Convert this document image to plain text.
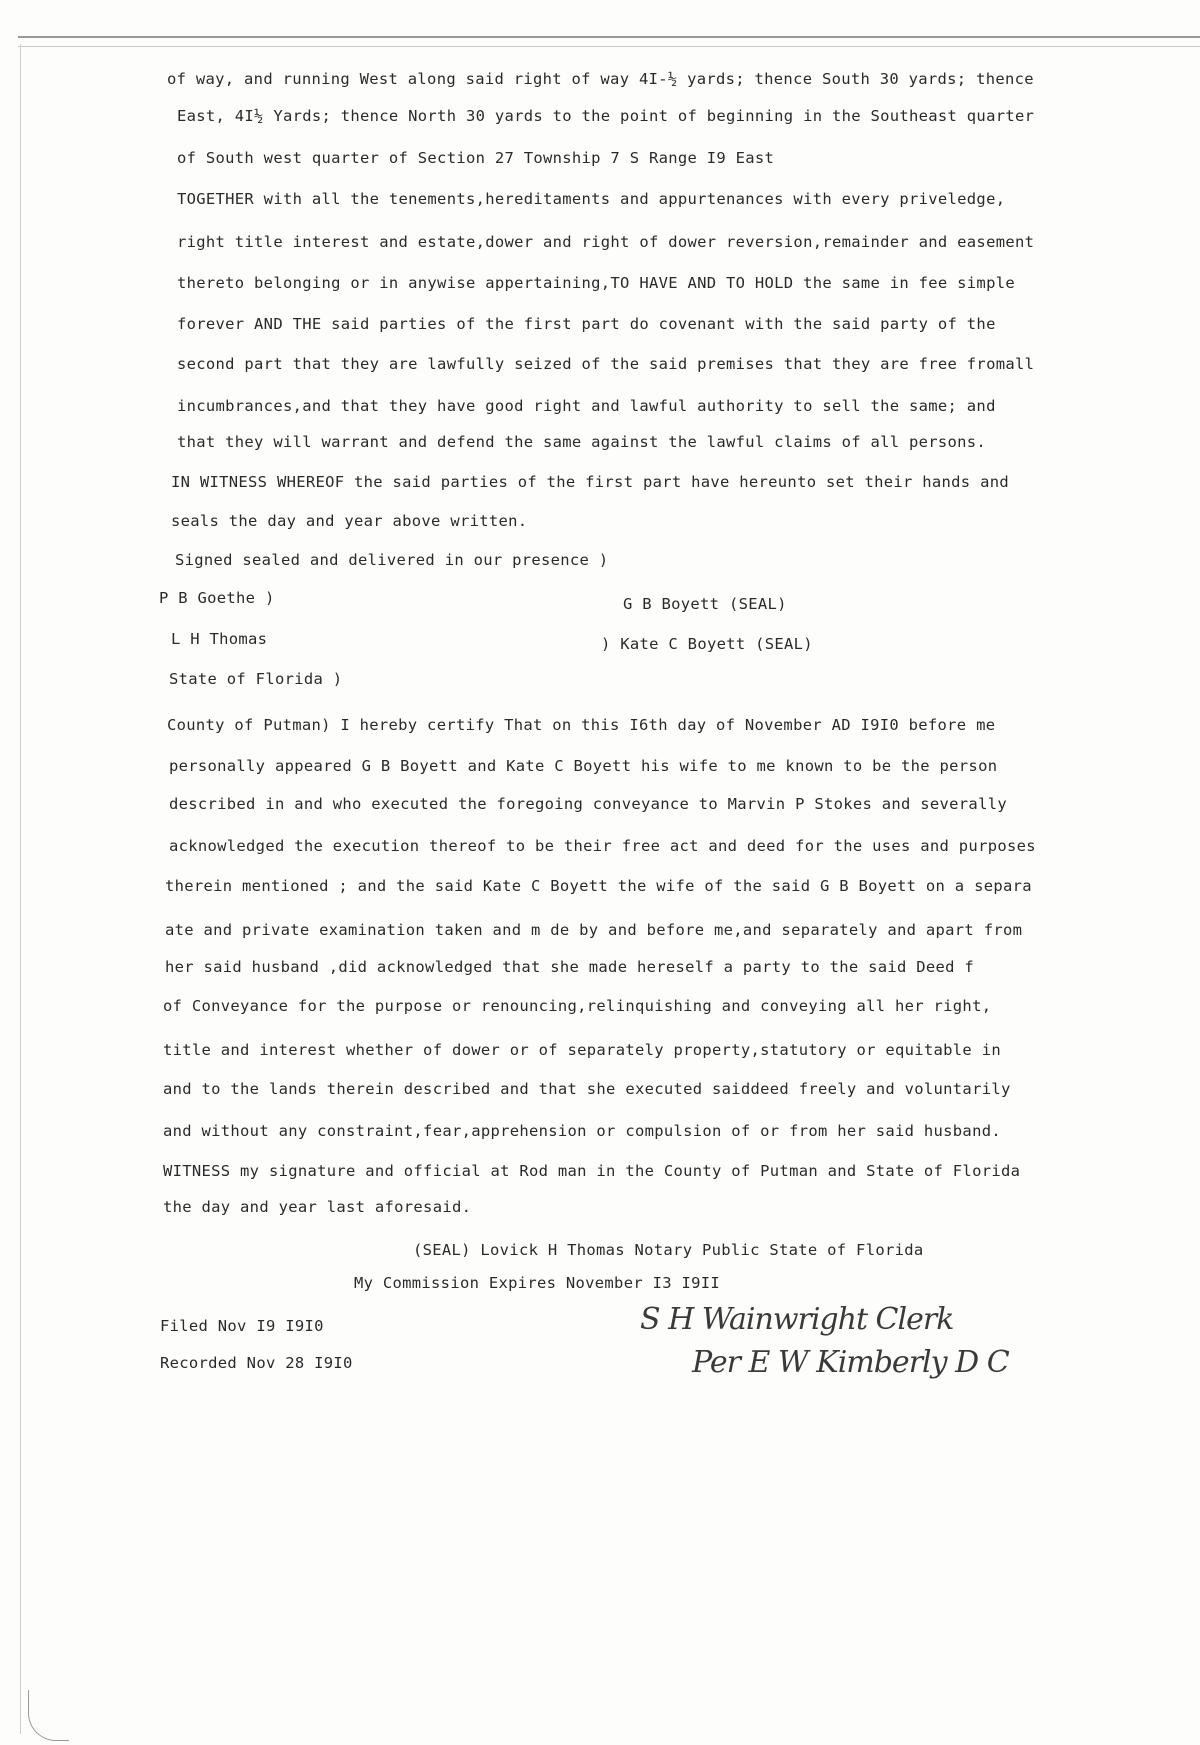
of way, and running West along said right of way 4I-½ yards; thence South 30 yards; thence
East, 4I½ Yards; thence North 30 yards to the point of beginning in the Southeast quarter
of South west quarter of Section 27 Township 7 S Range I9 East
TOGETHER with all the tenements,hereditaments and appurtenances with every priveledge,
right title interest and estate,dower and right of dower reversion,remainder and easement
thereto belonging or in anywise appertaining,TO HAVE AND TO HOLD the same in fee simple
forever AND THE said parties of the first part do covenant with the said party of the
second part that they are lawfully seized of the said premises that they are free fromall
incumbrances,and that they have good right and lawful authority to sell the same; and
that they will warrant and defend the same against the lawful claims of all persons.
IN WITNESS WHEREOF the said parties of the first part have hereunto set their hands and
seals the day and year above written.
Signed sealed and delivered in our presence )
P B Goethe )	G B Boyett (SEAL)
L H Thomas	) Kate C Boyett (SEAL)
State of Florida )
County of Putman) I hereby certify That on this I6th day of November AD I9I0 before me
personally appeared G B Boyett and Kate C Boyett his wife to me known to be the person
described in and who executed the foregoing conveyance to Marvin P Stokes and severally
acknowledged the execution thereof to be their free act and deed for the uses and purposes
therein mentioned ; and the said Kate C Boyett the wife of the said G B Boyett on a separa
ate and private examination taken and m de by and before me,and separately and apart from
her said husband ,did acknowledged that she made hereself a party to the said Deed f
of Conveyance for the purpose or renouncing,relinquishing and conveying all her right,
title and interest whether of dower or of separately property,statutory or equitable in
and to the lands therein described and that she executed saiddeed freely and voluntarily
and without any constraint,fear,apprehension or compulsion of or from her said husband.
WITNESS my signature and official at Rod man in the County of Putman and State of Florida
the day and year last aforesaid.
(SEAL) Lovick H Thomas Notary Public State of Florida
My Commission Expires November I3 I9II
Filed Nov I9 I9I0
Recorded Nov 28 I9I0
S H Wainwright Clerk
Per E W Kimberly D C
